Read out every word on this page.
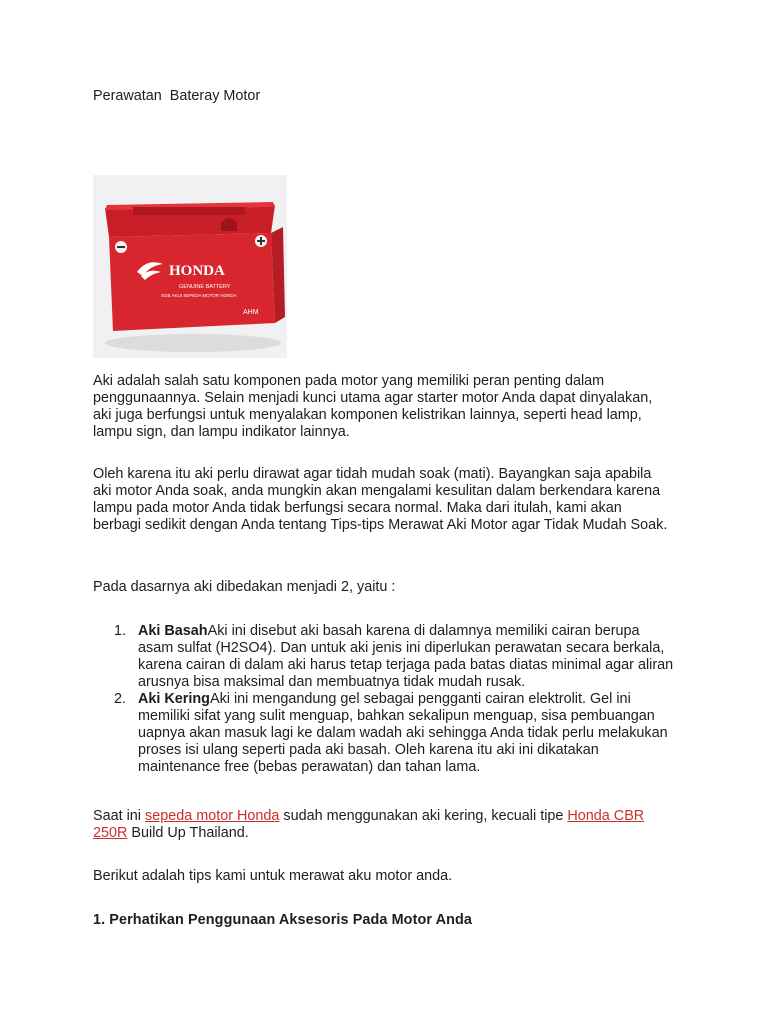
Perawatan  Bateray Motor
HONDA
GENUINE BATTERY
SGB AKUI SEPEDA MOTOR HONDA
AHM

Aki adalah salah satu komponen pada motor yang memiliki peran penting dalam penggunaannya. Selain menjadi kunci utama agar starter motor Anda dapat dinyalakan, aki juga berfungsi untuk menyalakan komponen kelistrikan lainnya, seperti head lamp, lampu sign, dan lampu indikator lainnya.

Oleh karena itu aki perlu dirawat agar tidah mudah soak (mati). Bayangkan saja apabila aki motor Anda soak, anda mungkin akan mengalami kesulitan dalam berkendara karena lampu pada motor Anda tidak berfungsi secara normal. Maka dari itulah, kami akan berbagi sedikit dengan Anda tentang Tips-tips Merawat Aki Motor agar Tidak Mudah Soak.

Pada dasarnya aki dibedakan menjadi 2, yaitu :

1. Aki BasahAki ini disebut aki basah karena di dalamnya memiliki cairan berupa asam sulfat (H2SO4). Dan untuk aki jenis ini diperlukan perawatan secara berkala, karena cairan di dalam aki harus tetap terjaga pada batas diatas minimal agar aliran arusnya bisa maksimal dan membuatnya tidak mudah rusak.
2. Aki KeringAki ini mengandung gel sebagai pengganti cairan elektrolit. Gel ini memiliki sifat yang sulit menguap, bahkan sekalipun menguap, sisa pembuangan uapnya akan masuk lagi ke dalam wadah aki sehingga Anda tidak perlu melakukan proses isi ulang seperti pada aki basah. Oleh karena itu aki ini dikatakan maintenance free (bebas perawatan) dan tahan lama.

Saat ini sepeda motor Honda sudah menggunakan aki kering, kecuali tipe Honda CBR 250R Build Up Thailand.

Berikut adalah tips kami untuk merawat aku motor anda.

1. Perhatikan Penggunaan Aksesoris Pada Motor Anda
